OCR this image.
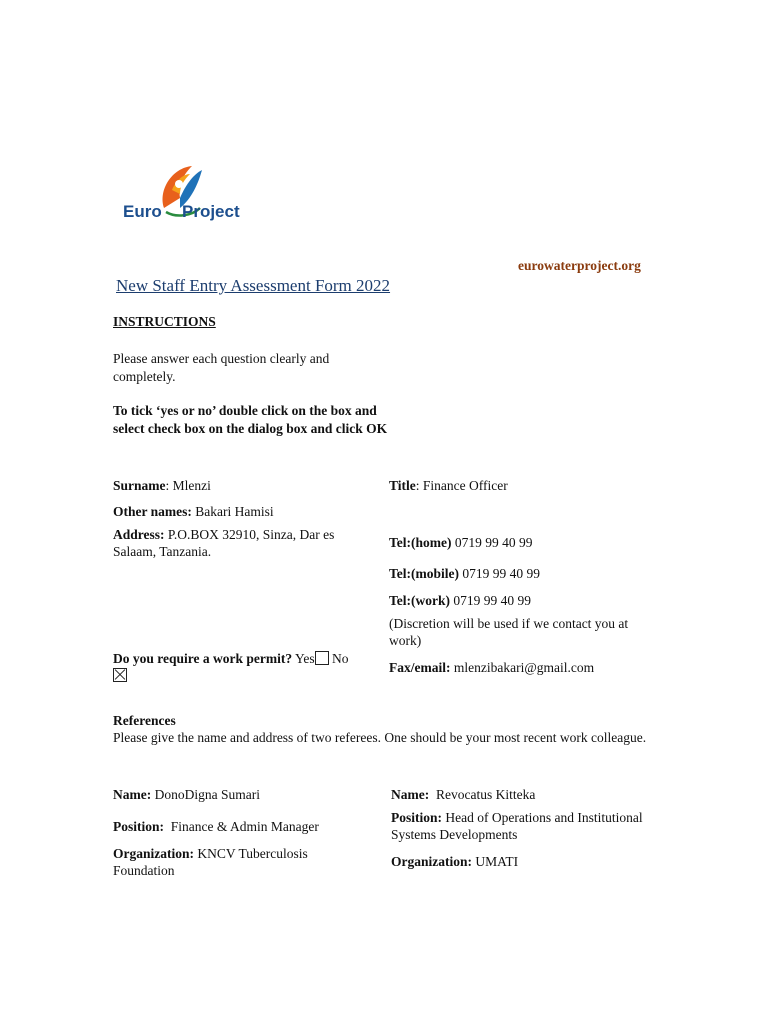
Euro Project
eurowaterproject.org
New Staff Entry Assessment Form 2022
INSTRUCTIONS
Please answer each question clearly and completely.
To tick ‘yes or no’ double click on the box and select check box on the dialog box and click OK
Surname: Mlenzi
Other names: Bakari Hamisi
Address: P.O.BOX 32910, Sinza, Dar es Salaam, Tanzania.
Do you require a work permit? Yes No

Title: Finance Officer
Tel:(home) 0719 99 40 99
Tel:(mobile) 0719 99 40 99
Tel:(work) 0719 99 40 99
(Discretion will be used if we contact you at work)
Fax/email: mlenzibakari@gmail.com
References
Please give the name and address of two referees. One should be your most recent work colleague.
Name: DonoDigna Sumari
Position: Finance & Admin Manager
Organization: KNCV Tuberculosis Foundation
Name: Revocatus Kitteka
Position: Head of Operations and Institutional Systems Developments
Organization: UMATI
